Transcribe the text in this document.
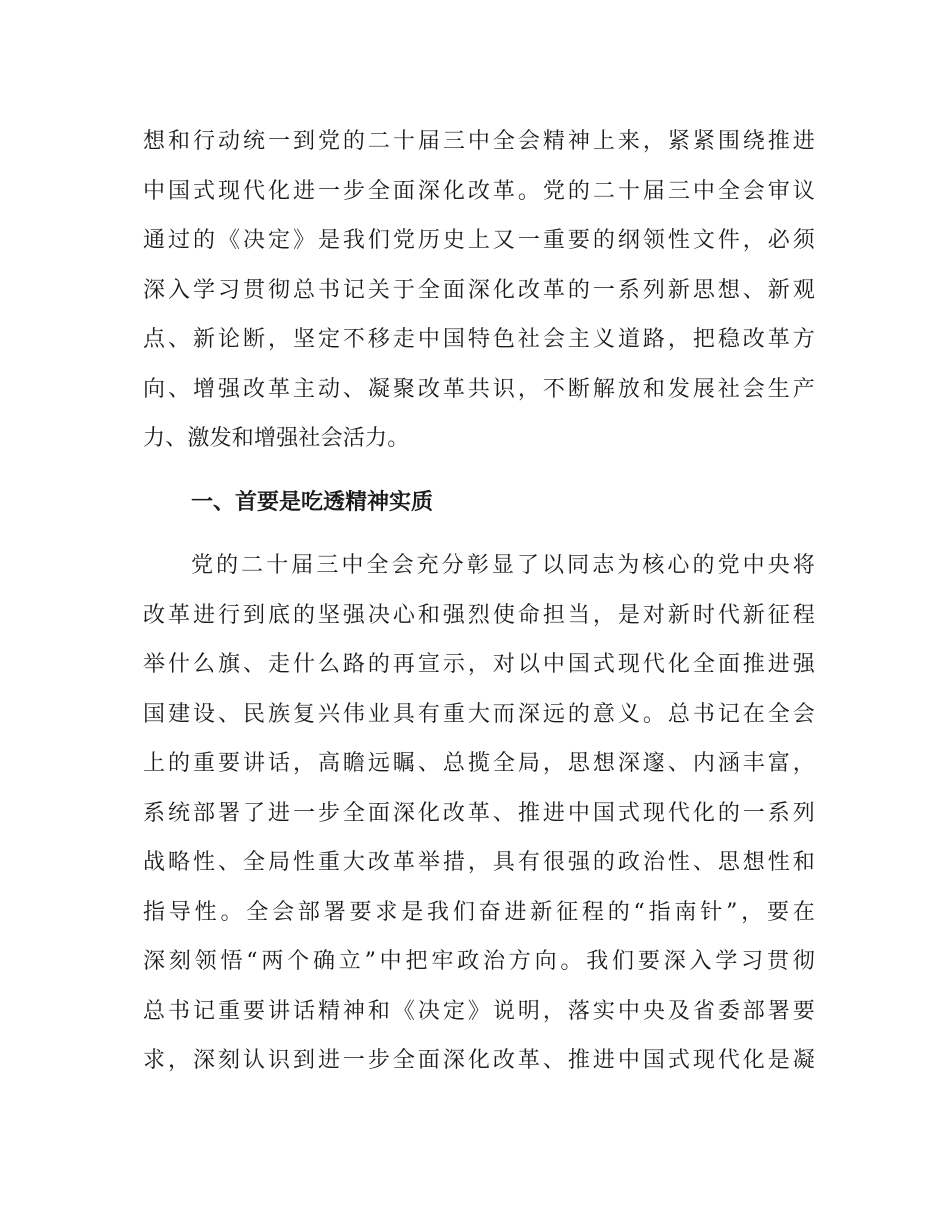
想和行动统一到党的二十届三中全会精神上来，紧紧围绕推进
中国式现代化进一步全面深化改革。党的二十届三中全会审议
通过的《决定》是我们党历史上又一重要的纲领性文件，必须
深入学习贯彻总书记关于全面深化改革的一系列新思想、新观
点、新论断，坚定不移走中国特色社会主义道路，把稳改革方
向、增强改革主动、凝聚改革共识，不断解放和发展社会生产
力、激发和增强社会活力。
一、首要是吃透精神实质
党的二十届三中全会充分彰显了以同志为核心的党中央将
改革进行到底的坚强决心和强烈使命担当，是对新时代新征程
举什么旗、走什么路的再宣示，对以中国式现代化全面推进强
国建设、民族复兴伟业具有重大而深远的意义。总书记在全会
上的重要讲话，高瞻远瞩、总揽全局，思想深邃、内涵丰富，
系统部署了进一步全面深化改革、推进中国式现代化的一系列
战略性、全局性重大改革举措，具有很强的政治性、思想性和
指导性。全会部署要求是我们奋进新征程的“指南针”，要在
深刻领悟“两个确立”中把牢政治方向。我们要深入学习贯彻
总书记重要讲话精神和《决定》说明，落实中央及省委部署要
求，深刻认识到进一步全面深化改革、推进中国式现代化是凝
